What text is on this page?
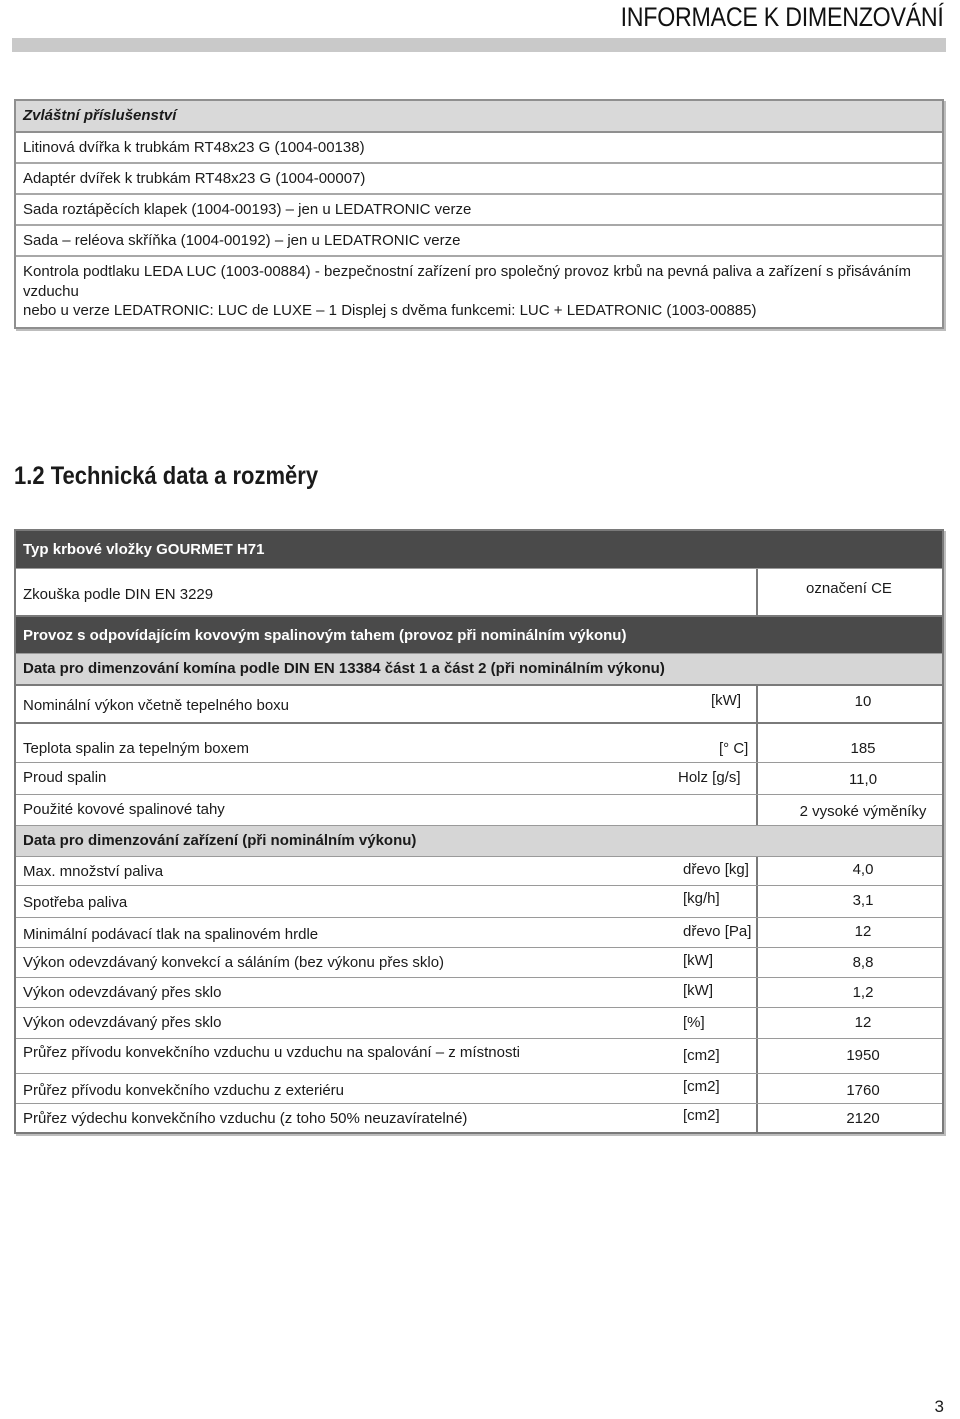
INFORMACE K DIMENZOVÁNÍ
Zvláštní příslušenství
Litinová dvířka k trubkám RT48x23 G (1004-00138)
Adaptér dvířek k trubkám RT48x23 G (1004-00007)
Sada roztápěcích klapek (1004-00193) – jen u LEDATRONIC verze
Sada – reléova skříňka (1004-00192) – jen u LEDATRONIC verze
Kontrola podtlaku LEDA LUC (1003-00884) - bezpečnostní zařízení pro společný provoz krbů na pevná paliva a zařízení s přisáváním
vzduchu
nebo u verze LEDATRONIC: LUC de LUXE – 1 Displej s dvěma funkcemi: LUC + LEDATRONIC (1003-00885)
1.2 Technická data a rozměry
Typ krbové vložky GOURMET H71
Zkouška podle DIN EN 3229	označení CE
Provoz s odpovídajícím kovovým spalinovým tahem (provoz při nominálním výkonu)
Data pro dimenzování komína podle DIN EN 13384 část 1 a část 2 (při nominálním výkonu)
Nominální výkon včetně tepelného boxu	[kW]	10
Teplota spalin za tepelným boxem	[° C]	185
Proud spalin	Holz [g/s]	11,0
Použité kovové spalinové tahy	2 vysoké výměníky
Data pro dimenzování zařízení (při nominálním výkonu)
Max. množství paliva	dřevo [kg]	4,0
Spotřeba paliva	[kg/h]	3,1
Minimální podávací tlak na spalinovém hrdle	dřevo [Pa]	12
Výkon odevzdávaný konvekcí a sáláním (bez výkonu přes sklo)	[kW]	8,8
Výkon odevzdávaný přes sklo	[kW]	1,2
Výkon odevzdávaný přes sklo	[%]	12
Průřez přívodu konvekčního vzduchu u vzduchu na spalování – z místnosti	[cm2]	1950
Průřez přívodu konvekčního vzduchu z exteriéru	[cm2]	1760
Průřez výdechu konvekčního vzduchu (z toho 50% neuzavíratelné)	[cm2]	2120
3
